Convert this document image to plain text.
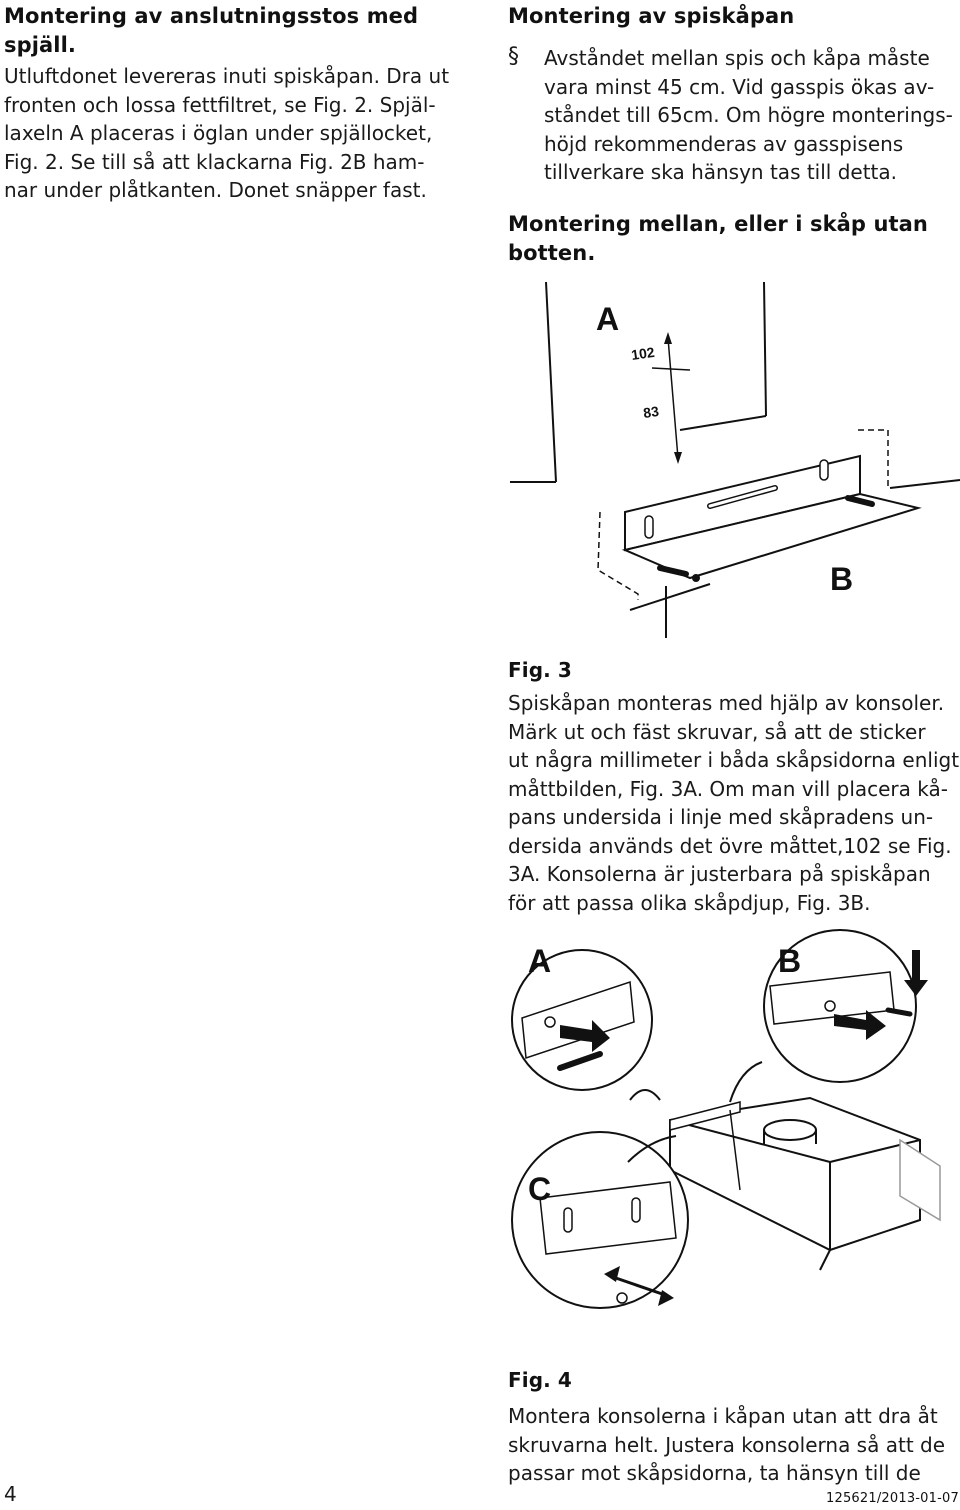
Montering av anslutningsstos med
spjäll.
Utluftdonet levereras inuti spiskåpan. Dra ut
fronten och lossa fettfiltret, se Fig. 2. Spjäl-
laxeln A placeras i öglan under spjällocket,
Fig. 2. Se till så att klackarna Fig. 2B ham-
nar under plåtkanten. Donet snäpper fast.
Montering av spiskåpan
§ Avståndet mellan spis och kåpa måste
vara minst 45 cm. Vid gasspis ökas av-
ståndet till 65cm. Om högre monterings-
höjd rekommenderas av gasspisens
tillverkare ska hänsyn tas till detta.
Montering mellan, eller i skåp utan
botten.
A
102
83
B
Fig. 3
Spiskåpan monteras med hjälp av konsoler.
Märk ut och fäst skruvar, så att de sticker
ut några millimeter i båda skåpsidorna enligt
måttbilden, Fig. 3A. Om man vill placera kå-
pans undersida i linje med skåpradens un-
dersida används det övre måttet,102 se Fig.
3A. Konsolerna är justerbara på spiskåpan
för att passa olika skåpdjup, Fig. 3B.
A	B
C
Fig. 4
Montera konsolerna i kåpan utan att dra åt
skruvarna helt. Justera konsolerna så att de
passar mot skåpsidorna, ta hänsyn till de
4	125621/2013-01-07
